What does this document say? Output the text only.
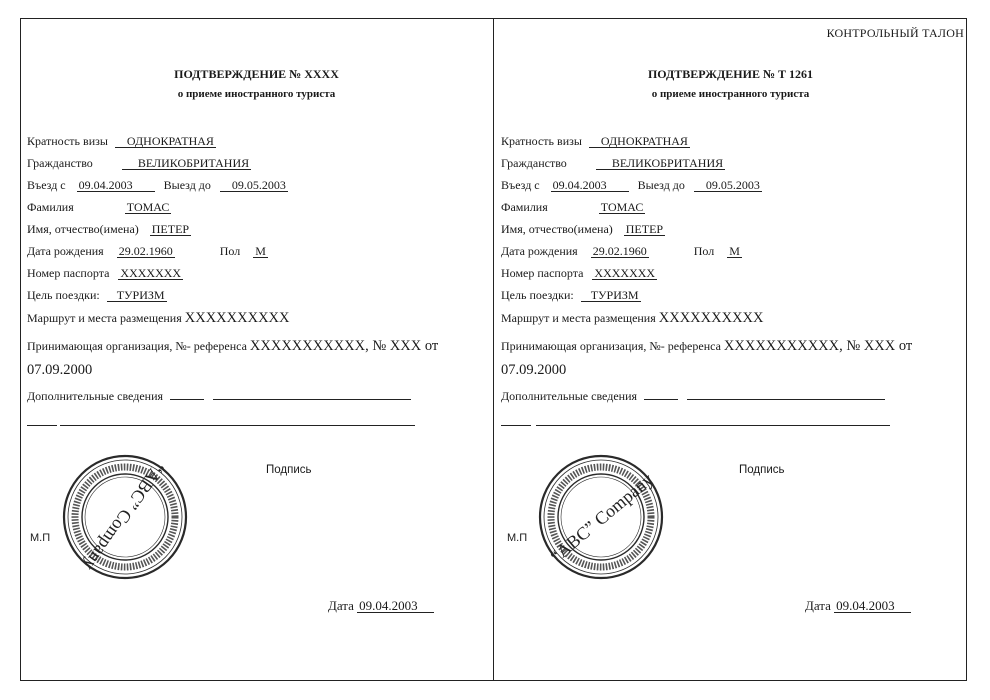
КОНТРОЛЬНЫЙ ТАЛОН
ПОДТВЕРЖДЕНИЕ № XXXX
о приеме иностранного туриста
Кратность визы ОДНОКРАТНАЯ
Гражданство	ВЕЛИКОБРИТАНИЯ
Въезд с 09.04.2003	Выезд до 09.05.2003
Фамилия	ТОМАС
Имя, отчество(имена) ПЕТЕР
Дата рождения 29.02.1960	Пол М
Номер паспорта XXXXXXX
Цель поездки: ТУРИЗМ
Маршрут и места размещения XXXXXXXXXX
Принимающая организация, №- референса XXXXXXXXXXX, № XXX от
07.09.2000
Дополнительные сведения
Подпись
М.П “ABC” Company
Дата 09.04.2003
ПОДТВЕРЖДЕНИЕ № Т 1261
о приеме иностранного туриста
Кратность визы ОДНОКРАТНАЯ
Гражданство	ВЕЛИКОБРИТАНИЯ
Въезд с 09.04.2003	Выезд до 09.05.2003
Фамилия	ТОМАС
Имя, отчество(имена) ПЕТЕР
Дата рождения 29.02.1960	Пол М
Номер паспорта XXXXXXX
Цель поездки: ТУРИЗМ
Маршрут и места размещения XXXXXXXXXX
Принимающая организация, №- референса XXXXXXXXXXX, № XXX от
07.09.2000
Дополнительные сведения
Подпись
М.П “ABC” Company
Дата 09.04.2003
